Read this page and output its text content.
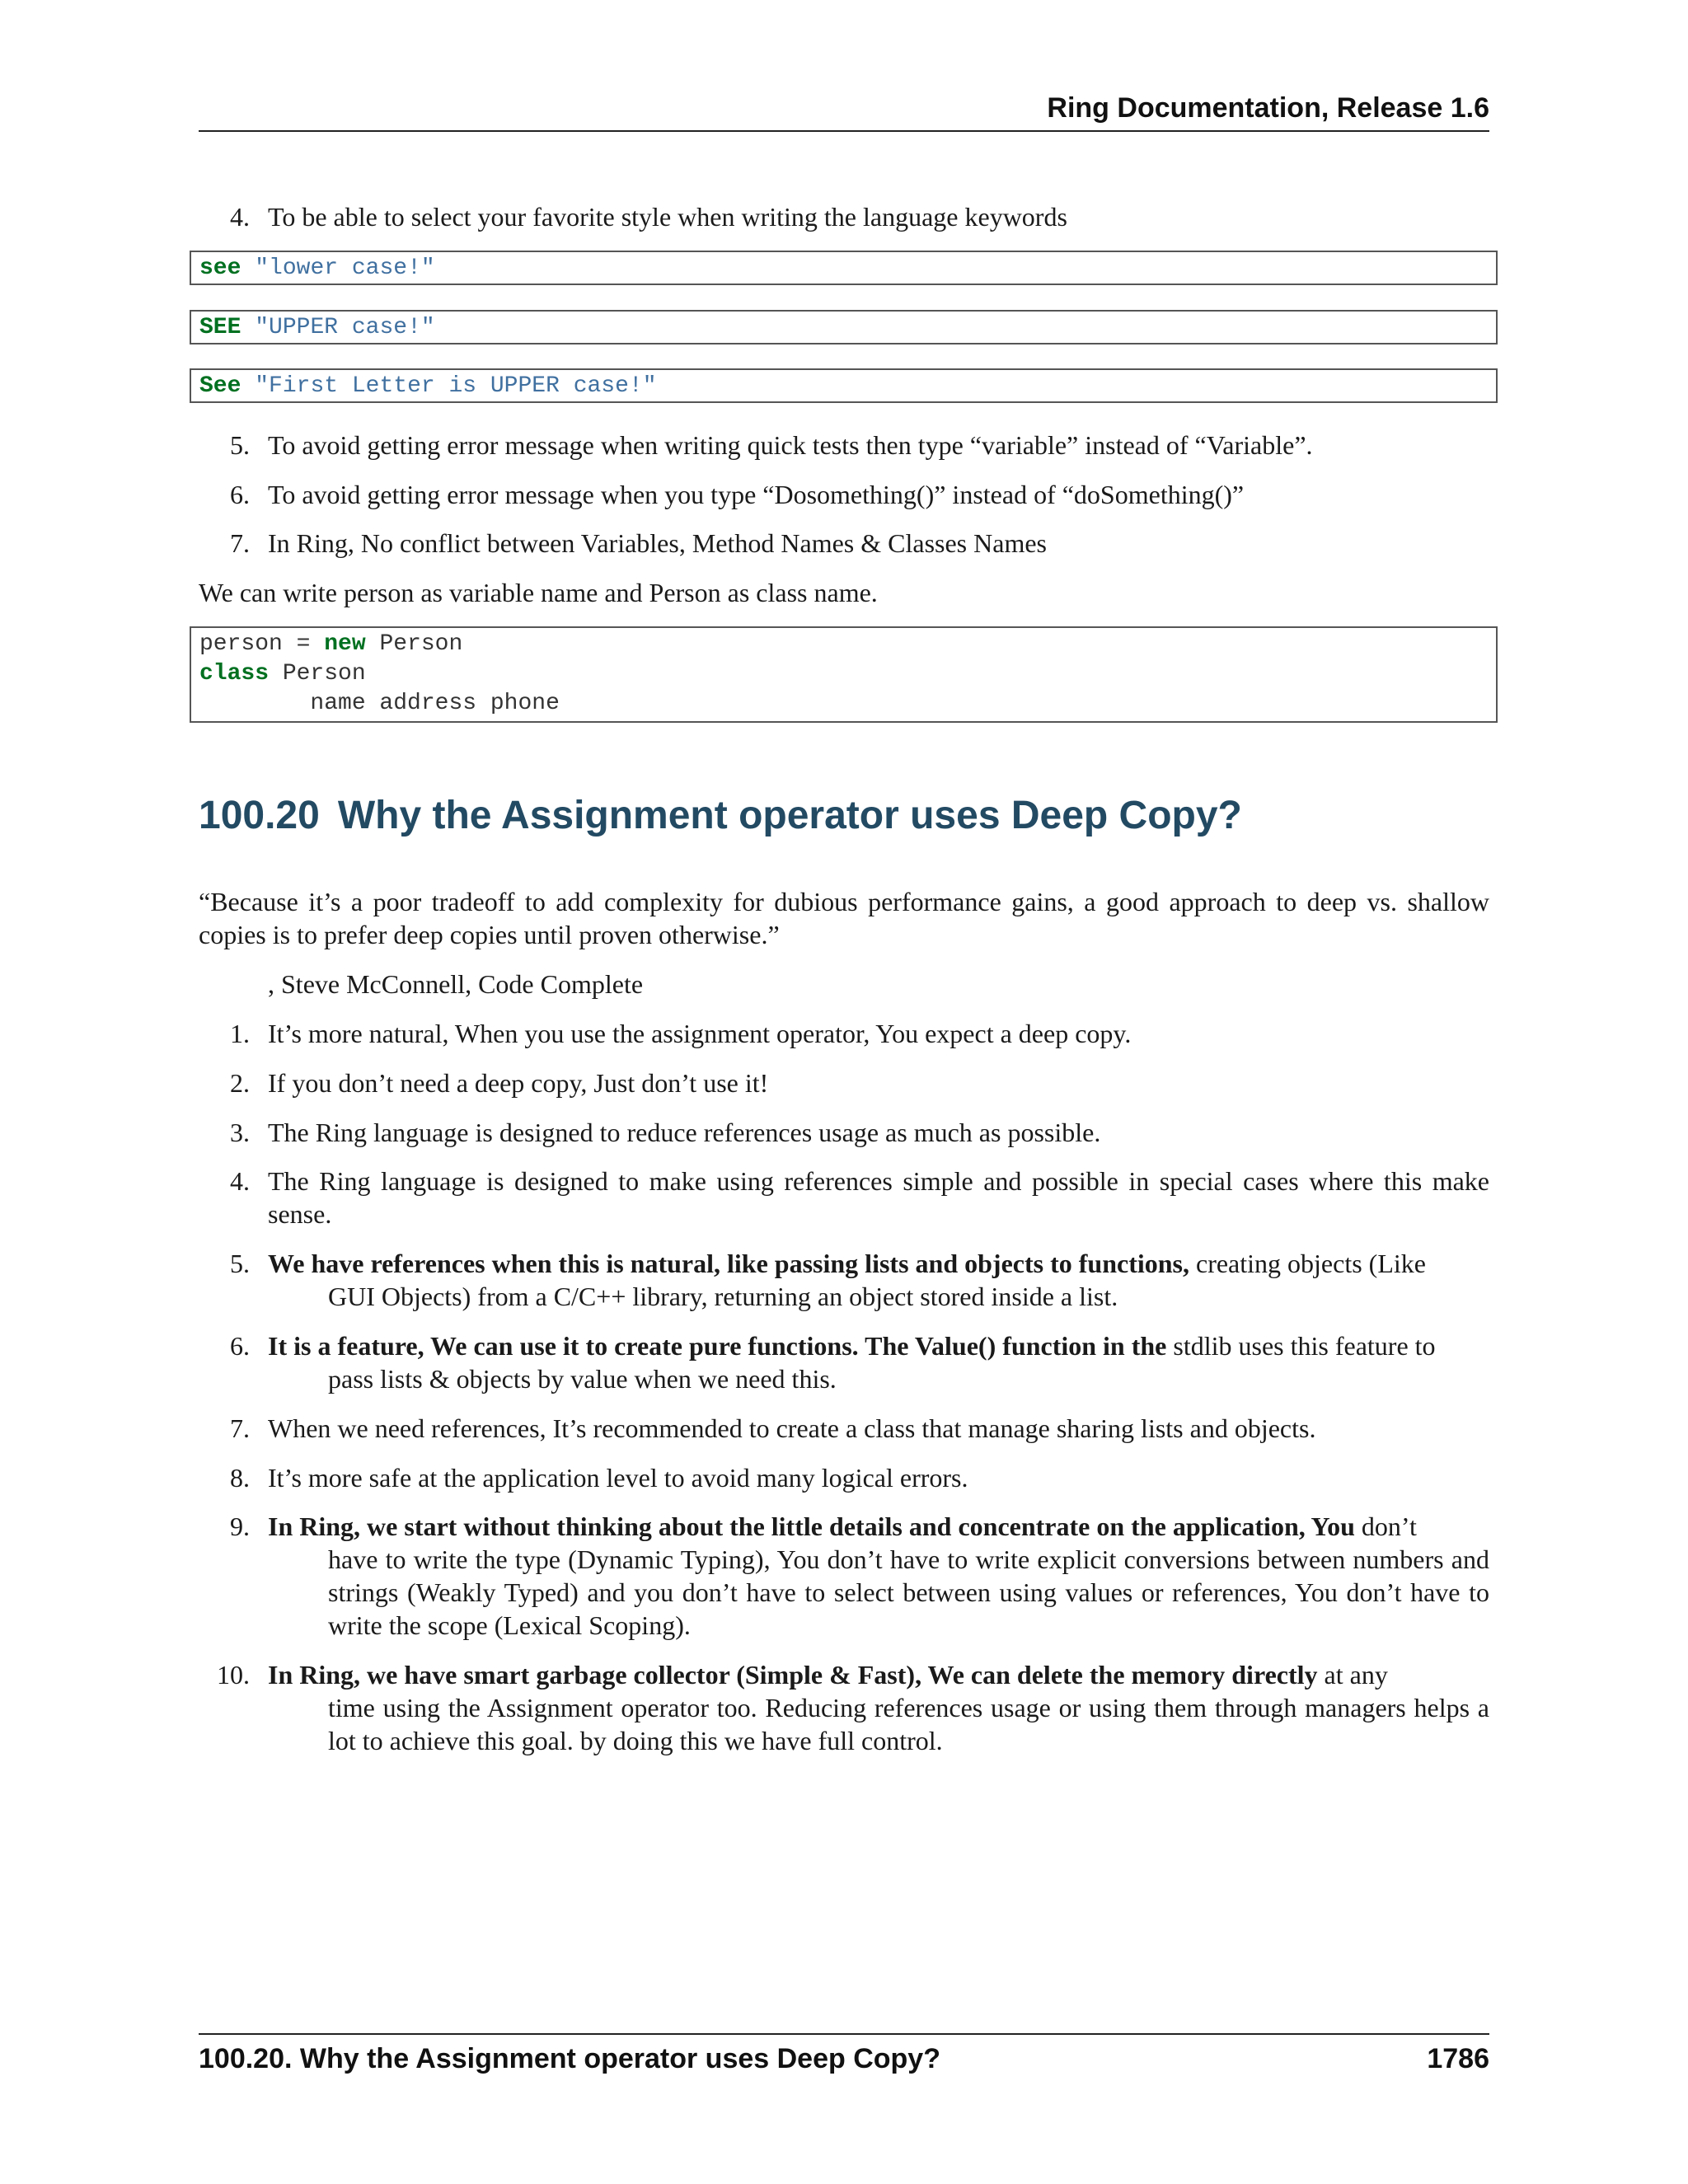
Ring Documentation, Release 1.6
4. To be able to select your favorite style when writing the language keywords
see "lower case!"
SEE "UPPER case!"
See "First Letter is UPPER case!"
5. To avoid getting error message when writing quick tests then type “variable” instead of “Variable”.
6. To avoid getting error message when you type “Dosomething()” instead of “doSomething()”
7. In Ring, No conflict between Variables, Method Names & Classes Names
We can write person as variable name and Person as class name.
person = new Person
class Person
name address phone
100.20 Why the Assignment operator uses Deep Copy?
“Because it’s a poor tradeoff to add complexity for dubious performance gains, a good approach to deep vs. shallow copies is to prefer deep copies until proven otherwise.”
, Steve McConnell, Code Complete
1. It’s more natural, When you use the assignment operator, You expect a deep copy.
2. If you don’t need a deep copy, Just don’t use it!
3. The Ring language is designed to reduce references usage as much as possible.
4. The Ring language is designed to make using references simple and possible in special cases where this make sense.
5. We have references when this is natural, like passing lists and objects to functions, creating objects (Like
GUI Objects) from a C/C++ library, returning an object stored inside a list.
6. It is a feature, We can use it to create pure functions. The Value() function in the stdlib uses this feature to
pass lists & objects by value when we need this.
7. When we need references, It’s recommended to create a class that manage sharing lists and objects.
8. It’s more safe at the application level to avoid many logical errors.
9. In Ring, we start without thinking about the little details and concentrate on the application, You don’t
have to write the type (Dynamic Typing), You don’t have to write explicit conversions between numbers and strings (Weakly Typed) and you don’t have to select between using values or references, You don’t have to write the scope (Lexical Scoping).
10. In Ring, we have smart garbage collector (Simple & Fast), We can delete the memory directly at any
time using the Assignment operator too. Reducing references usage or using them through managers helps a lot to achieve this goal. by doing this we have full control.
100.20. Why the Assignment operator uses Deep Copy?	1786
